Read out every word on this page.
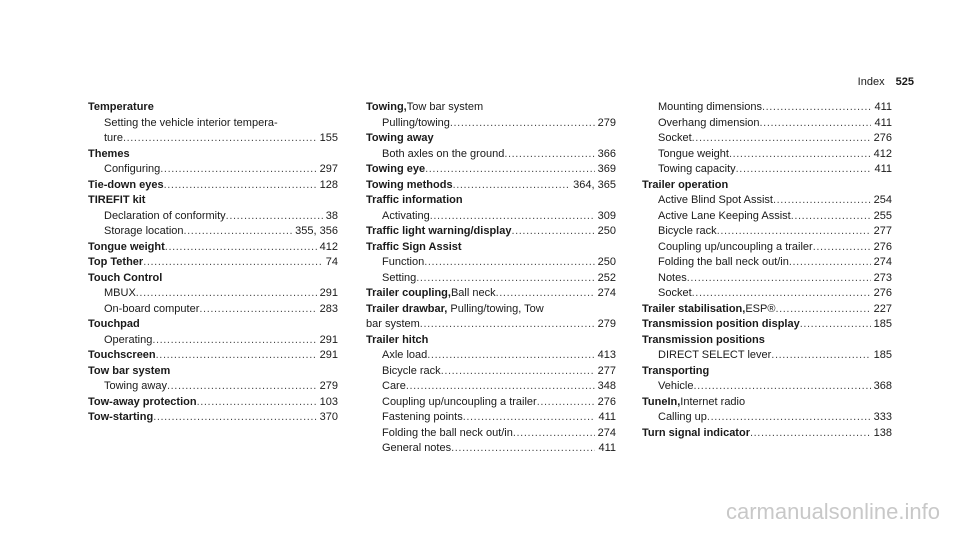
Index 525
Temperature
Setting the vehicle interior tempera-
ture .....	155
Themes
Configuring .....	297
Tie-down eyes .....	128
TIREFIT kit
Declaration of conformity .....	38
Storage location .....	355, 356
Tongue weight .....	412
Top Tether .....	74
Touch Control
MBUX .....	291
On-board computer .....	283
Touchpad
Operating .....	291
Touchscreen .....	291
Tow bar system
Towing away .....	279
Tow-away protection .....	103
Tow-starting .....	370
Towing, Tow bar system
Pulling/towing .....	279
Towing away
Both axles on the ground .....	366
Towing eye .....	369
Towing methods .....	364, 365
Traffic information
Activating .....	309
Traffic light warning/display .....	250
Traffic Sign Assist
Function .....	250
Setting .....	252
Trailer coupling, Ball neck .....	274
Trailer drawbar, Pulling/towing, Tow
bar system .....	279
Trailer hitch
Axle load .....	413
Bicycle rack .....	277
Care .....	348
Coupling up/uncoupling a trailer .....	276
Fastening points .....	411
Folding the ball neck out/in .....	274
General notes .....	411
Mounting dimensions .....	411
Overhang dimension .....	411
Socket .....	276
Tongue weight .....	412
Towing capacity .....	411
Trailer operation
Active Blind Spot Assist .....	254
Active Lane Keeping Assist .....	255
Bicycle rack .....	277
Coupling up/uncoupling a trailer .....	276
Folding the ball neck out/in .....	274
Notes .....	273
Socket .....	276
Trailer stabilisation, ESP® .....	227
Transmission position display .....	185
Transmission positions
DIRECT SELECT lever .....	185
Transporting
Vehicle .....	368
TuneIn, Internet radio
Calling up .....	333
Turn signal indicator .....	138
carmanualsonline.info
